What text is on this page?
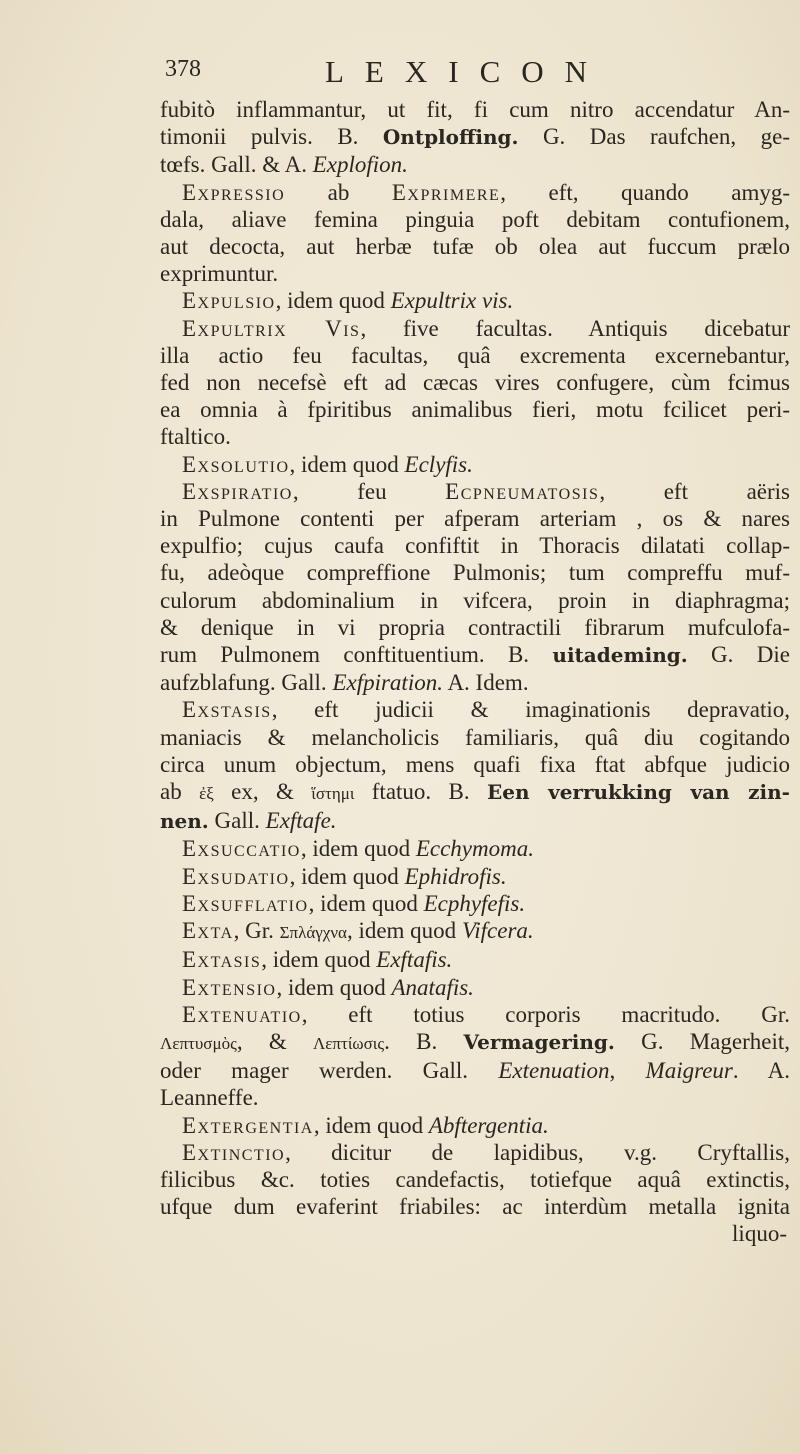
378	LEXICON
fubitò inflammantur, ut fit, fi cum nitro accendatur An-
timonii pulvis. B. Ontploffing. G. Das raufchen, ge-
tœfs. Gall. & A. Explofion.
Expressio ab Exprimere, eft, quando amyg-
dala, aliave femina pinguia poft debitam contufionem,
aut decocta, aut herbæ tufæ ob olea aut fuccum prælo
exprimuntur.
Expulsio, idem quod Expultrix vis.
Expultrix Vis, five facultas. Antiquis dicebatur
illa actio feu facultas, quâ excrementa excernebantur,
fed non necefsè eft ad cæcas vires confugere, cùm fcimus
ea omnia à fpiritibus animalibus fieri, motu fcilicet peri-
ftaltico.
Exsolutio, idem quod Eclyfis.
Exspiratio, feu Ecpneumatosis, eft aëris
in Pulmone contenti per afperam arteriam , os & nares
expulfio; cujus caufa confiftit in Thoracis dilatati collap-
fu, adeòque compreffione Pulmonis; tum compreffu muf-
culorum abdominalium in vifcera, proin in diaphragma;
& denique in vi propria contractili fibrarum mufculofa-
rum Pulmonem conftituentium. B. uitademing. G. Die
aufzblafung. Gall. Exfpiration. A. Idem.
Exstasis, eft judicii & imaginationis depravatio,
maniacis & melancholicis familiaris, quâ diu cogitando
circa unum objectum, mens quafi fixa ftat abfque judicio
ab ἐξ ex, & ἵστημι ftatuo. B. Een verrukking van zin-
nen. Gall. Exftafe.
Exsuccatio, idem quod Ecchymoma.
Exsudatio, idem quod Ephidrofis.
Exsufflatio, idem quod Ecphyfefis.
Exta, Gr. Σπλάγχνα, idem quod Vifcera.
Extasis, idem quod Exftafis.
Extensio, idem quod Anatafis.
Extenuatio, eft totius corporis macritudo. Gr.
Λεπτυσμὸς, & Λεπτίωσις. B. Vermagering. G. Magerheit,
oder mager werden. Gall. Extenuation, Maigreur. A.
Leanneffe.
Extergentia, idem quod Abftergentia.
Extinctio, dicitur de lapidibus, v.g. Cryftallis,
filicibus &c. toties candefactis, totiefque aquâ extinctis,
ufque dum evaferint friabiles: ac interdùm metalla ignita
liquo-
